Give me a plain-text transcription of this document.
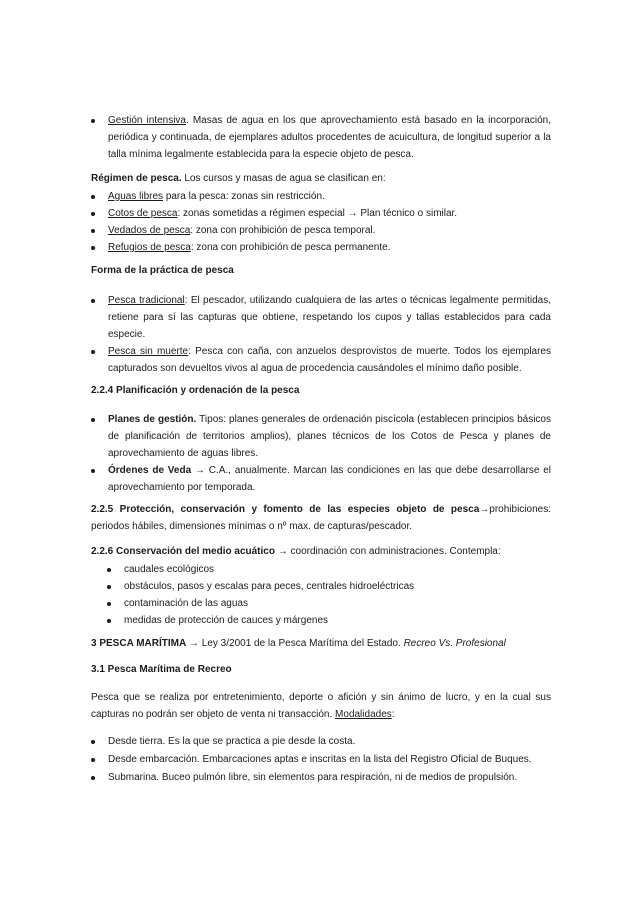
Gestión intensiva. Masas de agua en los que aprovechamiento está basado en la incorporación, periódica y continuada, de ejemplares adultos procedentes de acuicultura, de longitud superior a la talla mínima legalmente establecida para la especie objeto de pesca.

Régimen de pesca. Los cursos y masas de agua se clasifican en:

Aguas libres para la pesca: zonas sin restricción.
Cotos de pesca: zonas sometidas a régimen especial → Plan técnico o similar.
Vedados de pesca: zona con prohibición de pesca temporal.
Refugios de pesca: zona con prohibición de pesca permanente.

Forma de la práctica de pesca

Pesca tradicional: El pescador, utilizando cualquiera de las artes o técnicas legalmente permitidas, retiene para sí las capturas que obtiene, respetando los cupos y tallas establecidos para cada especie.
Pesca sin muerte: Pesca con caña, con anzuelos desprovistos de muerte. Todos los ejemplares capturados son devueltos vivos al agua de procedencia causándoles el mínimo daño posible.

2.2.4 Planificación y ordenación de la pesca

Planes de gestión. Tipos: planes generales de ordenación piscícola (establecen principios básicos de planificación de territorios amplios), planes técnicos de los Cotos de Pesca y planes de aprovechamiento de aguas libres.
Órdenes de Veda → C.A., anualmente. Marcan las condiciones en las que debe desarrollarse el aprovechamiento por temporada.

2.2.5 Protección, conservación y fomento de las especies objeto de pesca→prohibiciones: periodos hábiles, dimensiones mínimas o nº max. de capturas/pescador.

2.2.6 Conservación del medio acuático → coordinación con administraciones. Contempla:

caudales ecológicos
obstáculos, pasos y escalas para peces, centrales hidroeléctricas
contaminación de las aguas
medidas de protección de cauces y márgenes

3 PESCA MARÍTIMA → Ley 3/2001 de la Pesca Marítima del Estado. Recreo Vs. Profesional

3.1 Pesca Marítima de Recreo

Pesca que se realiza por entretenimiento, deporte o afición y sin ánimo de lucro, y en la cual sus capturas no podrán ser objeto de venta ni transacción. Modalidades:

Desde tierra. Es la que se practica a pie desde la costa.
Desde embarcación. Embarcaciones aptas e inscritas en la lista del Registro Oficial de Buques.
Submarina. Buceo pulmón libre, sin elementos para respiración, ni de medios de propulsión.
